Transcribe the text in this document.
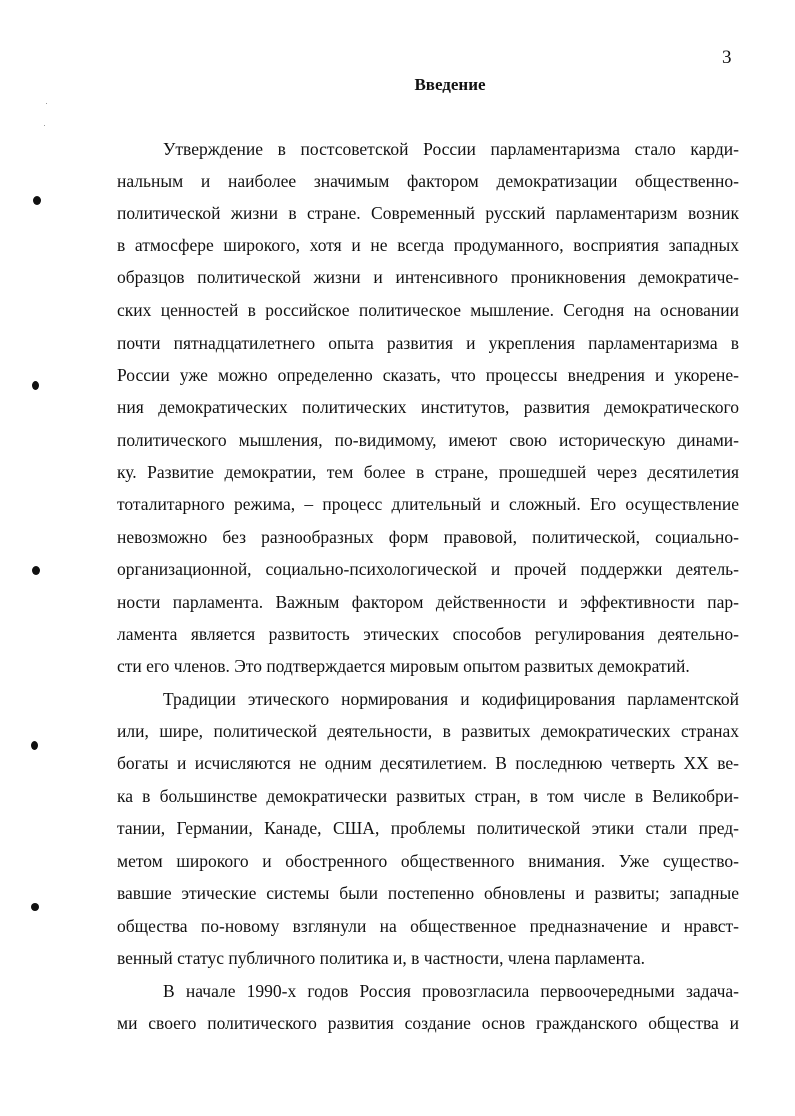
3
Введение
Утверждение в постсоветской России парламентаризма стало карди-
нальным и наиболее значимым фактором демократизации общественно-
политической жизни в стране. Современный русский парламентаризм возник
в атмосфере широкого, хотя и не всегда продуманного, восприятия западных
образцов политической жизни и интенсивного проникновения демократиче-
ских ценностей в российское политическое мышление. Сегодня на основании
почти пятнадцатилетнего опыта развития и укрепления парламентаризма в
России уже можно определенно сказать, что процессы внедрения и укорене-
ния демократических политических институтов, развития демократического
политического мышления, по-видимому, имеют свою историческую динами-
ку. Развитие демократии, тем более в стране, прошедшей через десятилетия
тоталитарного режима, – процесс длительный и сложный. Его осуществление
невозможно без разнообразных форм правовой, политической, социально-
организационной, социально-психологической и прочей поддержки деятель-
ности парламента. Важным фактором действенности и эффективности пар-
ламента является развитость этических способов регулирования деятельно-
сти его членов. Это подтверждается мировым опытом развитых демократий.
Традиции этического нормирования и кодифицирования парламентской
или, шире, политической деятельности, в развитых демократических странах
богаты и исчисляются не одним десятилетием. В последнюю четверть XX ве-
ка в большинстве демократически развитых стран, в том числе в Великобри-
тании, Германии, Канаде, США, проблемы политической этики стали пред-
метом широкого и обостренного общественного внимания. Уже существо-
вавшие этические системы были постепенно обновлены и развиты; западные
общества по-новому взглянули на общественное предназначение и нравст-
венный статус публичного политика и, в частности, члена парламента.
В начале 1990-х годов Россия провозгласила первоочередными задача-
ми своего политического развития создание основ гражданского общества и
